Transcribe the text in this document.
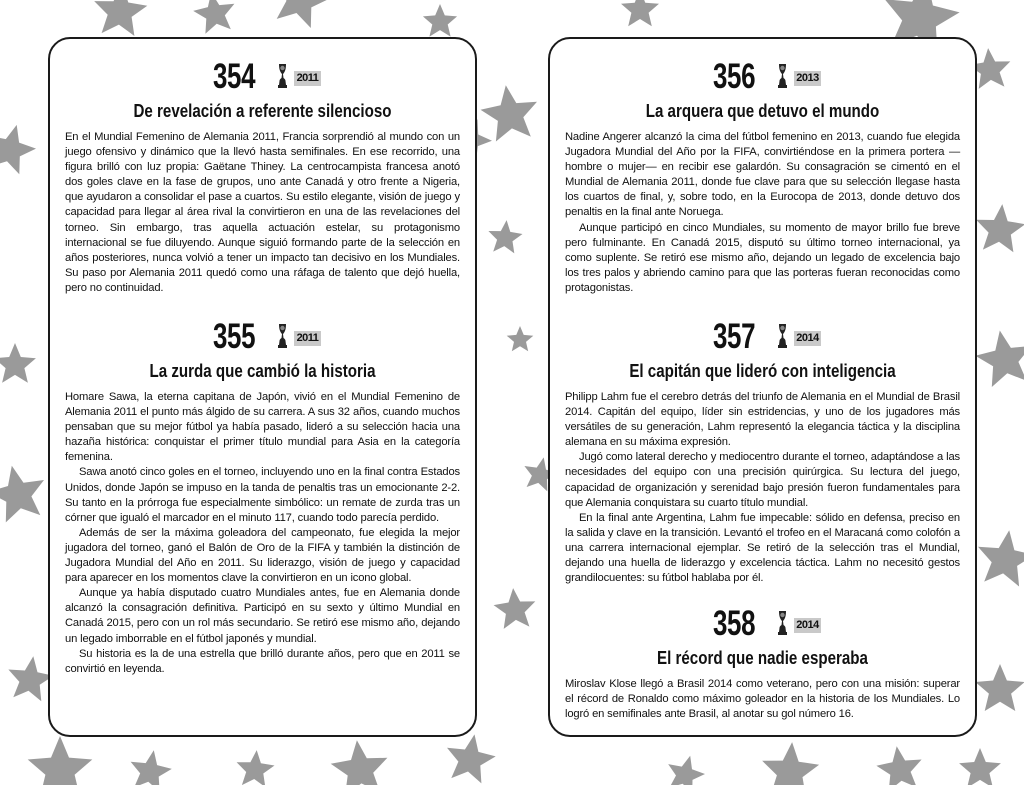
354	2011
De revelación a referente silencioso

En el Mundial Femenino de Alemania 2011, Francia sorprendió al mundo con un juego ofensivo y dinámico que la llevó hasta semifinales. En ese recorrido, una figura brilló con luz propia: Gaëtane Thiney. La centrocampista francesa anotó dos goles clave en la fase de grupos, uno ante Canadá y otro frente a Nigeria, que ayudaron a consolidar el pase a cuartos. Su estilo elegante, visión de juego y capacidad para llegar al área rival la convirtieron en una de las revelaciones del torneo. Sin embargo, tras aquella actuación estelar, su protagonismo internacional se fue diluyendo. Aunque siguió formando parte de la selección en años posteriores, nunca volvió a tener un impacto tan decisivo en los Mundiales. Su paso por Alemania 2011 quedó como una ráfaga de talento que dejó huella, pero no continuidad.

355	2011
La zurda que cambió la historia

Homare Sawa, la eterna capitana de Japón, vivió en el Mundial Femenino de Alemania 2011 el punto más álgido de su carrera. A sus 32 años, cuando muchos pensaban que su mejor fútbol ya había pasado, lideró a su selección hacia una hazaña histórica: conquistar el primer título mundial para Asia en la categoría femenina.

Sawa anotó cinco goles en el torneo, incluyendo uno en la final contra Estados Unidos, donde Japón se impuso en la tanda de penaltis tras un emocionante 2-2. Su tanto en la prórroga fue especialmente simbólico: un remate de zurda tras un córner que igualó el marcador en el minuto 117, cuando todo parecía perdido.

Además de ser la máxima goleadora del campeonato, fue elegida la mejor jugadora del torneo, ganó el Balón de Oro de la FIFA y también la distinción de Jugadora Mundial del Año en 2011. Su liderazgo, visión de juego y capacidad para aparecer en los momentos clave la convirtieron en un icono global.

Aunque ya había disputado cuatro Mundiales antes, fue en Alemania donde alcanzó la consagración definitiva. Participó en su sexto y último Mundial en Canadá 2015, pero con un rol más secundario. Se retiró ese mismo año, dejando un legado imborrable en el fútbol japonés y mundial.

Su historia es la de una estrella que brilló durante años, pero que en 2011 se convirtió en leyenda.

356	2013
La arquera que detuvo el mundo

Nadine Angerer alcanzó la cima del fútbol femenino en 2013, cuando fue elegida Jugadora Mundial del Año por la FIFA, convirtiéndose en la primera portera —hombre o mujer— en recibir ese galardón. Su consagración se cimentó en el Mundial de Alemania 2011, donde fue clave para que su selección llegase hasta los cuartos de final, y, sobre todo, en la Eurocopa de 2013, donde detuvo dos penaltis en la final ante Noruega.

Aunque participó en cinco Mundiales, su momento de mayor brillo fue breve pero fulminante. En Canadá 2015, disputó su último torneo internacional, ya como suplente. Se retiró ese mismo año, dejando un legado de excelencia bajo los tres palos y abriendo camino para que las porteras fueran reconocidas como protagonistas.

357	2014
El capitán que lideró con inteligencia

Philipp Lahm fue el cerebro detrás del triunfo de Alemania en el Mundial de Brasil 2014. Capitán del equipo, líder sin estridencias, y uno de los jugadores más versátiles de su generación, Lahm representó la elegancia táctica y la disciplina alemana en su máxima expresión.

Jugó como lateral derecho y mediocentro durante el torneo, adaptándose a las necesidades del equipo con una precisión quirúrgica. Su lectura del juego, capacidad de organización y serenidad bajo presión fueron fundamentales para que Alemania conquistara su cuarto título mundial.

En la final ante Argentina, Lahm fue impecable: sólido en defensa, preciso en la salida y clave en la transición. Levantó el trofeo en el Maracaná como colofón a una carrera internacional ejemplar. Se retiró de la selección tras el Mundial, dejando una huella de liderazgo y excelencia táctica. Lahm no necesitó gestos grandilocuentes: su fútbol hablaba por él.

358	2014
El récord que nadie esperaba

Miroslav Klose llegó a Brasil 2014 como veterano, pero con una misión: superar el récord de Ronaldo como máximo goleador en la historia de los Mundiales. Lo logró en semifinales ante Brasil, al anotar su gol número 16.
